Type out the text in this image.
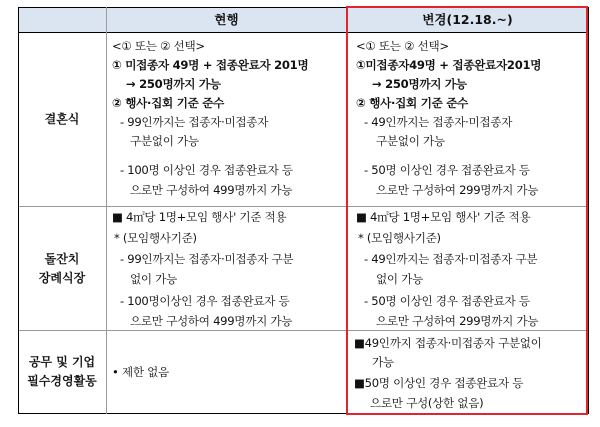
현행	변경(12.18.~)
결혼식
돌잔치
장례식장
공무 및 기업
필수경영활동
<① 또는 ② 선택>
① 미접종자 49명 + 접종완료자 201명
→ 250명까지 가능
② 행사·집회 기준 준수
- 99인까지는 접종자·미접종자
구분없이 가능
- 100명 이상인 경우 접종완료자 등
으로만 구성하여 499명까지 가능
<① 또는 ② 선택>
①미접종자49명 + 접종완료자201명
→ 250명까지 가능
② 행사·집회 기준 준수
- 49인까지는 접종자·미접종자
구분없이 가능
- 50명 이상인 경우 접종완료자 등
으로만 구성하여 299명까지 가능
■ 4㎡당 1명+모임 행사' 기준 적용
* (모임행사기준)
- 99인까지는 접종자·미접종자 구분
없이 가능
- 100명이상인 경우 접종완료자 등
으로만 구성하여 499명까지 가능
■ 4㎡당 1명+모임 행사' 기준 적용
* (모임행사기준)
- 49인까지는 접종자·미접종자 구분
없이 가능
- 50명 이상인 경우 접종완료자 등
으로만 구성하여 299명까지 가능
• 제한 없음
■49인까지 접종자·미접종자 구분없이
가능
■50명 이상인 경우 접종완료자 등
으로만 구성(상한 없음)
